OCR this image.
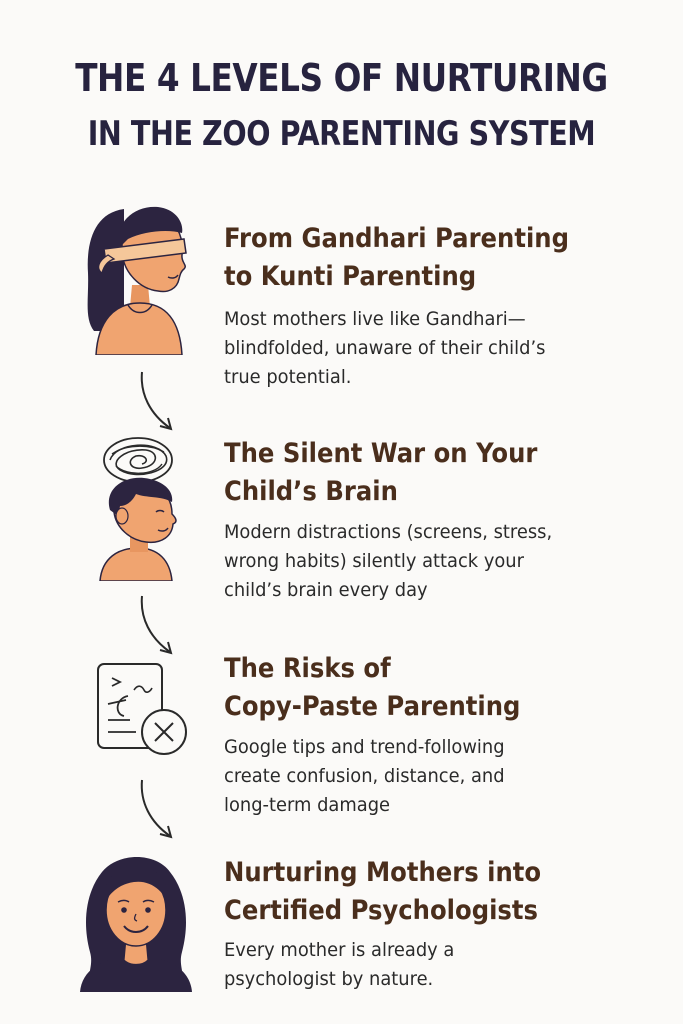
THE 4 LEVELS OF NURTURING
IN THE ZOO PARENTING SYSTEM
From Gandhari Parenting
to Kunti Parenting
Most mothers live like Gandhari—
blindfolded, unaware of their child’s
true potential.
The Silent War on Your
Child’s Brain
Modern distractions (screens, stress,
wrong habits) silently attack your
child’s brain every day
The Risks of
Copy-Paste Parenting
Google tips and trend-following
create confusion, distance, and
long-term damage
Nurturing Mothers into
Certified Psychologists
Every mother is already a
psychologist by nature.
